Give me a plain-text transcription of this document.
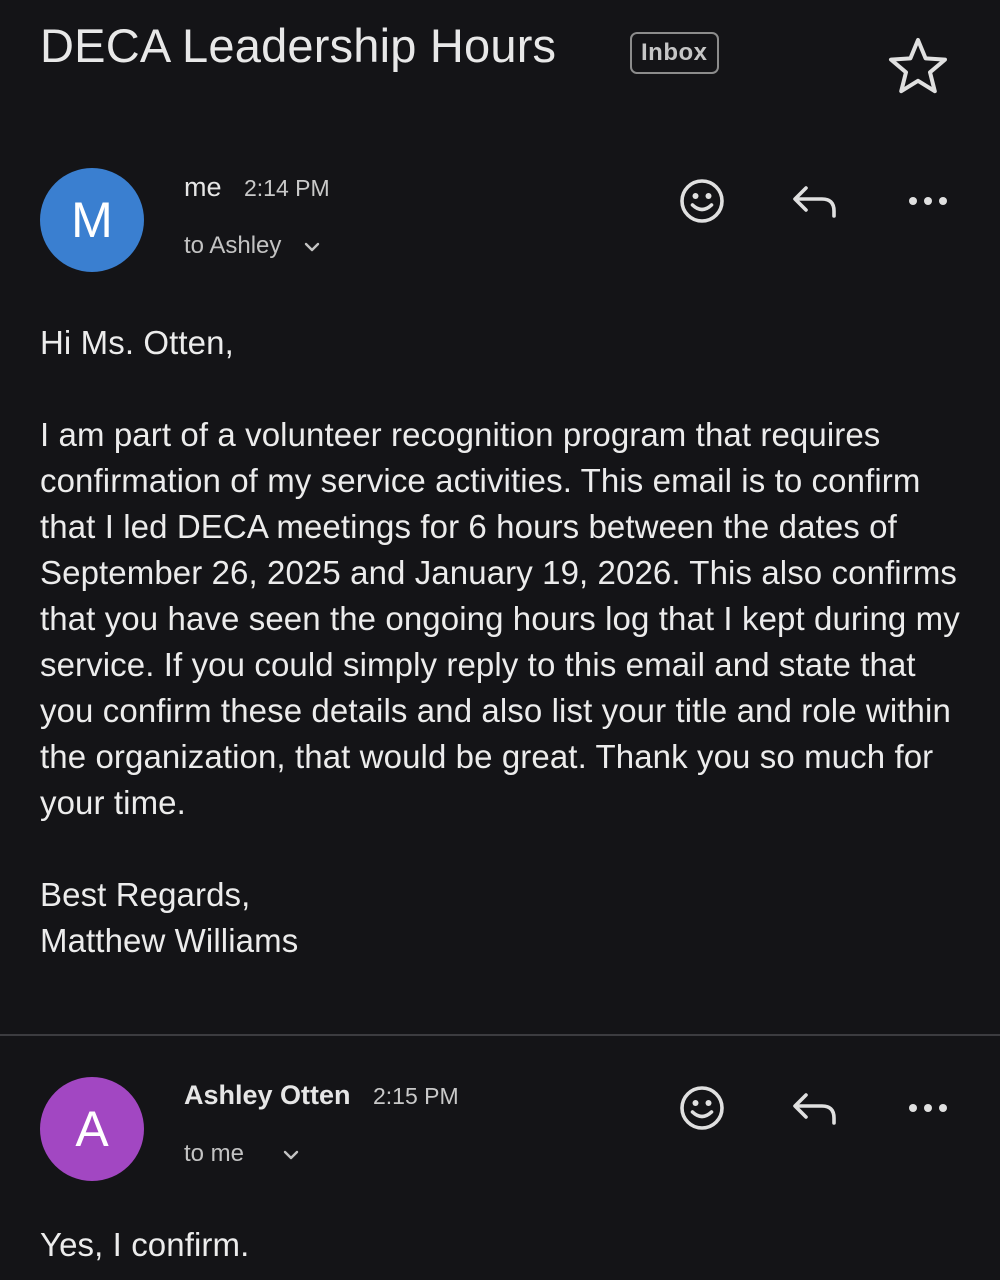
DECA Leadership Hours	Inbox
M
me 2:14 PM
to Ashley

Hi Ms. Otten,

I am part of a volunteer recognition program that requires confirmation of my service activities. This email is to confirm that I led DECA meetings for 6 hours between the dates of September 26, 2025 and January 19, 2026. This also confirms that you have seen the ongoing hours log that I kept during my service. If you could simply reply to this email and state that you confirm these details and also list your title and role within the organization, that would be great. Thank you so much for your time.

Best Regards,

Matthew Williams

A
Ashley Otten 2:15 PM
to me

Yes, I confirm.
